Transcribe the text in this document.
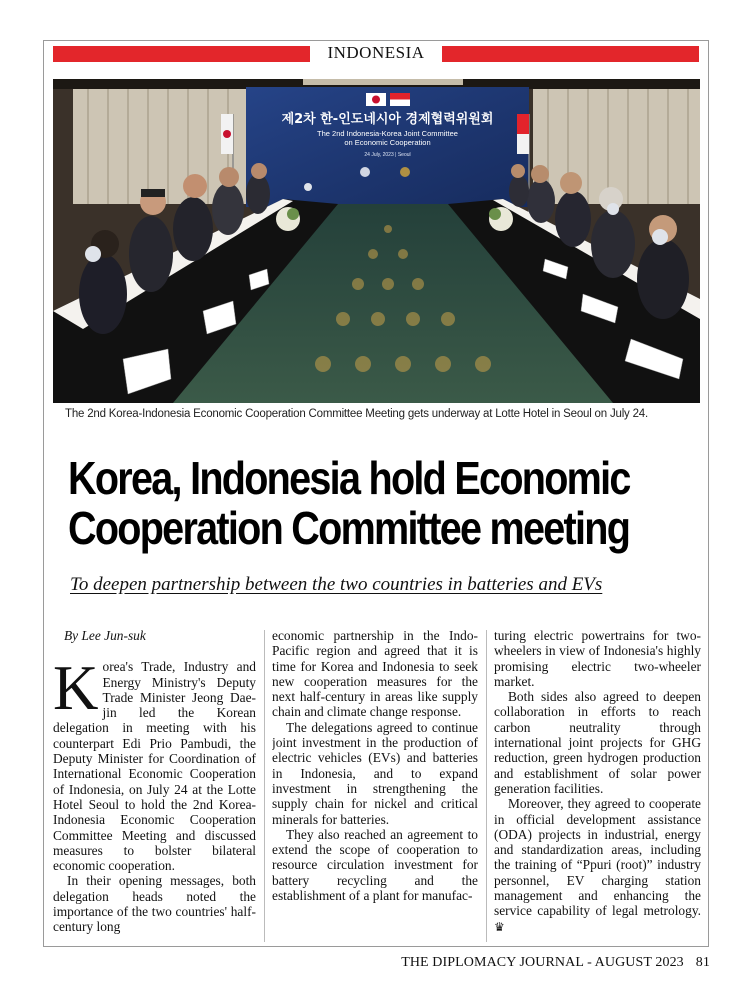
INDONESIA
제2차 한-인도네시아 경제협력위원회
The 2nd Indonesia-Korea Joint Committee
on Economic Cooperation
24 July, 2023 | Seoul
The 2nd Korea-Indonesia Economic Cooperation Committee Meeting gets underway at Lotte Hotel in Seoul on July 24.
Korea, Indonesia hold Economic
Cooperation Committee meeting
To deepen partnership between the two countries in batteries and EVs

By Lee Jun-suk

Korea's Trade, Industry and Energy Ministry's Deputy Trade Minister Jeong Dae-jin led the Korean delegation in meeting with his counterpart Edi Prio Pambudi, the Deputy Minister for Coordination of International Economic Cooperation of Indonesia, on July 24 at the Lotte Hotel Seoul to hold the 2nd Korea-Indonesia Economic Cooperation Committee Meeting and discussed measures to bolster bilateral economic cooperation.

In their opening messages, both delegation heads noted the importance of the two countries' half-century long

economic partnership in the Indo-Pacific region and agreed that it is time for Korea and Indonesia to seek new cooperation measures for the next half-century in areas like supply chain and climate change response.

The delegations agreed to continue joint investment in the production of electric vehicles (EVs) and batteries in Indonesia, and to expand investment in strengthening the supply chain for nickel and critical minerals for batteries.

They also reached an agreement to extend the scope of cooperation to resource circulation investment for battery recycling and the establishment of a plant for manufac-

turing electric powertrains for two-wheelers in view of Indonesia's highly promising electric two-wheeler market.

Both sides also agreed to deepen collaboration in efforts to reach carbon neutrality through international joint projects for GHG reduction, green hydrogen production and establishment of solar power generation facilities.

Moreover, they agreed to cooperate in official development assistance (ODA) projects in industrial, energy and standardization areas, including the training of “Ppuri (root)” industry personnel, EV charging station management and enhancing the service capability of legal metrology. ♛

THE DIPLOMACY JOURNAL - AUGUST 2023 81
